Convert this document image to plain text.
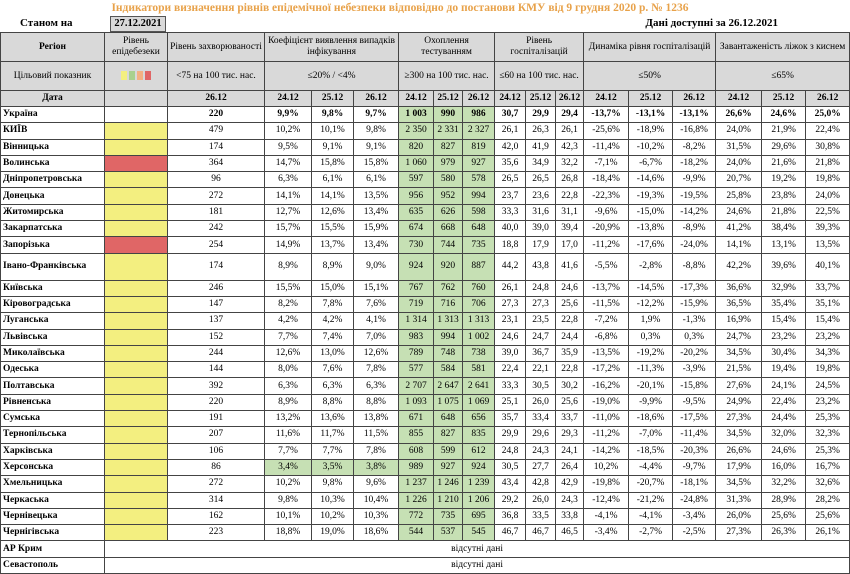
Індикатори визначення рівнів епідемічної небезпеки відповідно до постанови КМУ від 9 грудня 2020 р. № 1236
Станом на	27.12.2021	Дані доступні за 26.12.2021
Регіон	Рівень епідебезеки	Рівень захворюваності	Коефіцієнт виявлення випадків інфікування			Охоплення тестуванням			Рівень госпіталізацій			Динаміка рівня госпіталізацій			Завантаженість ліжок з киснем		
Цільовий показник		<75 на 100 тис. нас.	≤20% / <4%			≥300 на 100 тис. нас.			≤60 на 100 тис. нас.			≤50%			≤65%		
Дата		26.12	24.12	25.12	26.12	24.12	25.12	26.12	24.12	25.12	26.12	24.12	25.12	26.12	24.12	25.12	26.12
Україна		220	9,9%	9,8%	9,7%	1 003	990	986	30,7	29,9	29,4	-13,7%	-13,1%	-13,1%	26,6%	24,6%	25,0%
КИЇВ		479	10,2%	10,1%	9,8%	2 350	2 331	2 327	26,1	26,3	26,1	-25,6%	-18,9%	-16,8%	24,0%	21,9%	22,4%
Вінницька		174	9,5%	9,1%	9,1%	820	827	819	42,0	41,9	42,3	-11,4%	-10,2%	-8,2%	31,5%	29,6%	30,8%
Волинська		364	14,7%	15,8%	15,8%	1 060	979	927	35,6	34,9	32,2	-7,1%	-6,7%	-18,2%	24,0%	21,6%	21,8%
Дніпропетровська		96	6,3%	6,1%	6,1%	597	580	578	26,5	26,5	26,8	-18,4%	-14,6%	-9,9%	20,7%	19,2%	19,8%
Донецька		272	14,1%	14,1%	13,5%	956	952	994	23,7	23,6	22,8	-22,3%	-19,3%	-19,5%	25,8%	23,8%	24,0%
Житомирська		181	12,7%	12,6%	13,4%	635	626	598	33,3	31,6	31,1	-9,6%	-15,0%	-14,2%	24,6%	21,8%	22,5%
Закарпатська		242	15,7%	15,5%	15,9%	674	668	648	40,0	39,0	39,4	-20,9%	-13,8%	-8,9%	41,2%	38,4%	39,3%
Запорізька		254	14,9%	13,7%	13,4%	730	744	735	18,8	17,9	17,0	-11,2%	-17,6%	-24,0%	14,1%	13,1%	13,5%
Івано-Франківська		174	8,9%	8,9%	9,0%	924	920	887	44,2	43,8	41,6	-5,5%	-2,8%	-8,8%	42,2%	39,6%	40,1%
Київська		246	15,5%	15,0%	15,1%	767	762	760	26,1	24,8	24,6	-13,7%	-14,5%	-17,3%	36,6%	32,9%	33,7%
Кіровоградська		147	8,2%	7,8%	7,6%	719	716	706	27,3	27,3	25,6	-11,5%	-12,2%	-15,9%	36,5%	35,4%	35,1%
Луганська		137	4,2%	4,2%	4,1%	1 314	1 313	1 313	23,1	23,5	22,8	-7,2%	1,9%	-1,3%	16,9%	15,4%	15,4%
Львівська		152	7,7%	7,4%	7,0%	983	994	1 002	24,6	24,7	24,4	-6,8%	0,3%	0,3%	24,7%	23,2%	23,2%
Миколаївська		244	12,6%	13,0%	12,6%	789	748	738	39,0	36,7	35,9	-13,5%	-19,2%	-20,2%	34,5%	30,4%	34,3%
Одеська		144	8,0%	7,6%	7,8%	577	584	581	22,4	22,1	22,8	-17,2%	-11,3%	-3,9%	21,5%	19,4%	19,8%
Полтавська		392	6,3%	6,3%	6,3%	2 707	2 647	2 641	33,3	30,5	30,2	-16,2%	-20,1%	-15,8%	27,6%	24,1%	24,5%
Рівненська		220	8,9%	8,8%	8,8%	1 093	1 075	1 069	25,1	26,0	25,6	-19,0%	-9,9%	-9,5%	24,9%	22,4%	23,2%
Сумська		191	13,2%	13,6%	13,8%	671	648	656	35,7	33,4	33,7	-11,0%	-18,6%	-17,5%	27,3%	24,4%	25,3%
Тернопільська		207	11,6%	11,7%	11,5%	855	827	835	29,9	29,6	29,3	-11,2%	-7,0%	-11,4%	34,5%	32,0%	32,3%
Харківська		106	7,7%	7,7%	7,8%	608	599	612	24,8	24,3	24,1	-14,2%	-18,5%	-20,3%	26,6%	24,6%	25,3%
Херсонська		86	3,4%	3,5%	3,8%	989	927	924	30,5	27,7	26,4	10,2%	-4,4%	-9,7%	17,9%	16,0%	16,7%
Хмельницька		272	10,2%	9,8%	9,6%	1 237	1 246	1 239	43,4	42,8	42,9	-19,8%	-20,7%	-18,1%	34,5%	32,2%	32,6%
Черкаська		314	9,8%	10,3%	10,4%	1 226	1 210	1 206	29,2	26,0	24,3	-12,4%	-21,2%	-24,8%	31,3%	28,9%	28,2%
Чернівецька		162	10,1%	10,2%	10,3%	772	735	695	36,8	33,5	33,8	-4,1%	-4,1%	-3,4%	26,0%	25,6%	25,6%
Чернігівська		223	18,8%	19,0%	18,6%	544	537	545	46,7	46,7	46,5	-3,4%	-2,7%	-2,5%	27,3%	26,3%	26,1%
АР Крим	відсутні дані																
Севастополь	відсутні дані																
